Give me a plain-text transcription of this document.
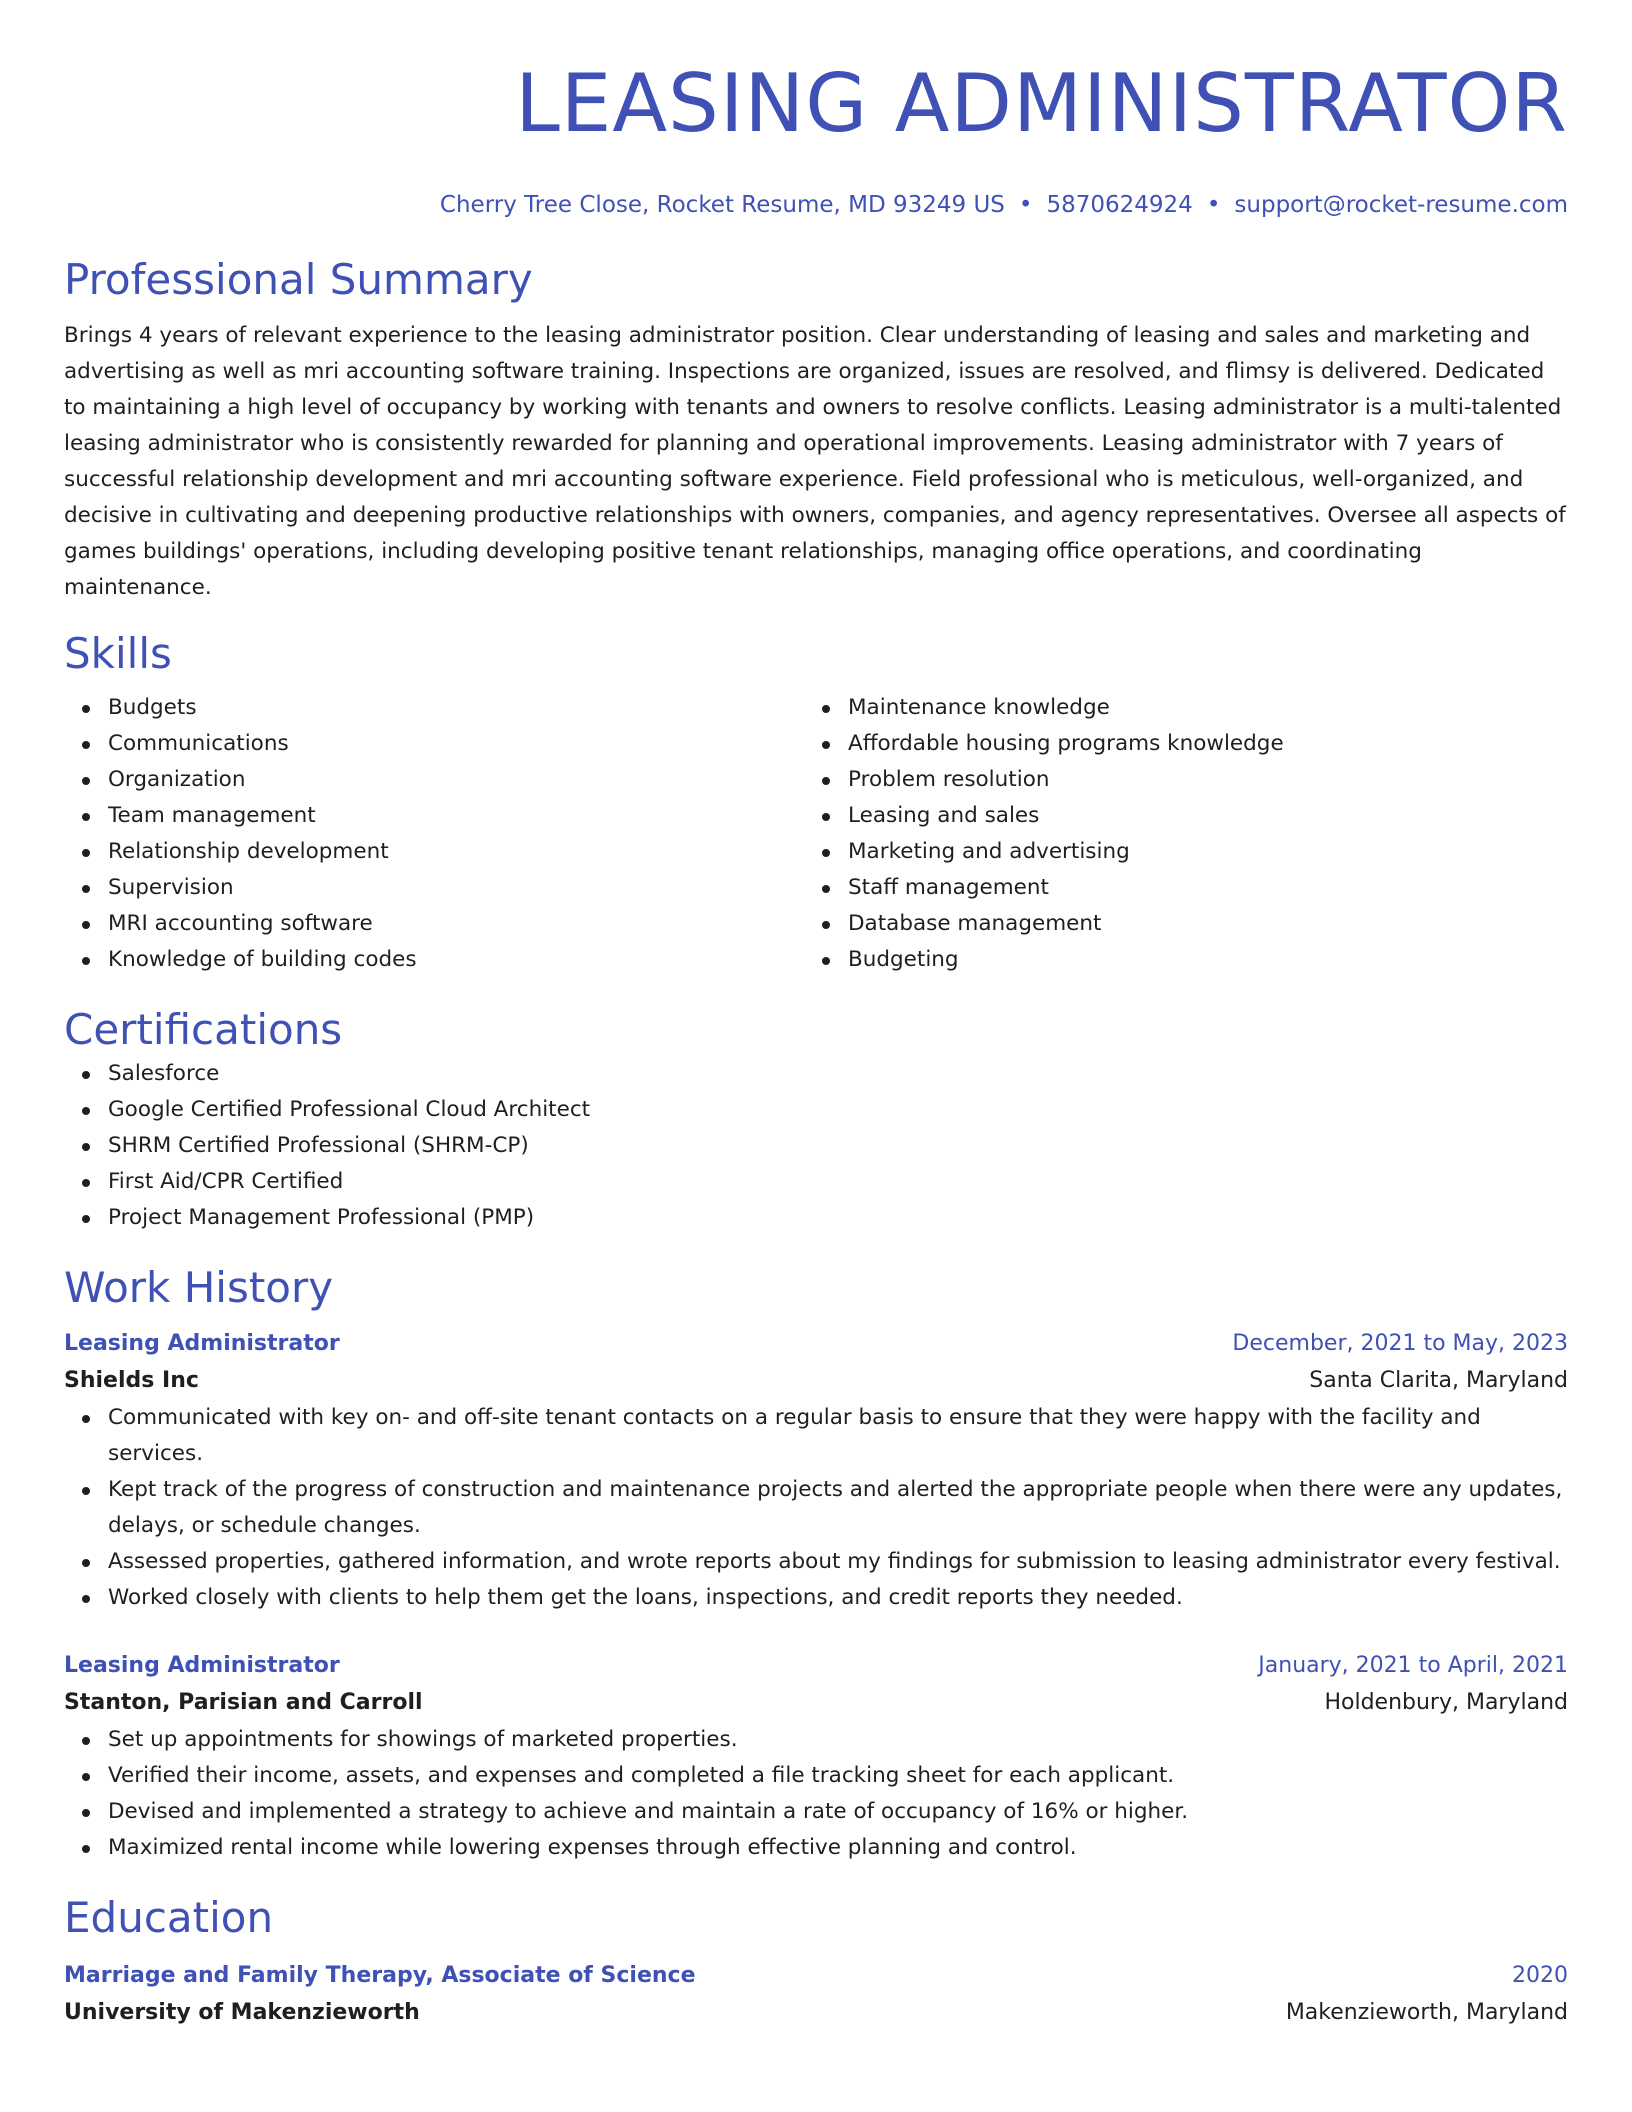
LEASING ADMINISTRATOR
Cherry Tree Close, Rocket Resume, MD 93249 US • 5870624924 • support@rocket-resume.com
Professional Summary
Brings 4 years of relevant experience to the leasing administrator position. Clear understanding of leasing and sales and marketing and advertising as well as mri accounting software training. Inspections are organized, issues are resolved, and flimsy is delivered. Dedicated to maintaining a high level of occupancy by working with tenants and owners to resolve conflicts. Leasing administrator is a multi-talented leasing administrator who is consistently rewarded for planning and operational improvements. Leasing administrator with 7 years of successful relationship development and mri accounting software experience. Field professional who is meticulous, well-organized, and decisive in cultivating and deepening productive relationships with owners, companies, and agency representatives. Oversee all aspects of games buildings' operations, including developing positive tenant relationships, managing office operations, and coordinating maintenance.
Skills
Budgets
Communications
Organization
Team management
Relationship development
Supervision
MRI accounting software
Knowledge of building codes
Maintenance knowledge
Affordable housing programs knowledge
Problem resolution
Leasing and sales
Marketing and advertising
Staff management
Database management
Budgeting
Certifications
Salesforce
Google Certified Professional Cloud Architect
SHRM Certified Professional (SHRM-CP)
First Aid/CPR Certified
Project Management Professional (PMP)
Work History
Leasing Administrator	December, 2021 to May, 2023
Shields Inc	Santa Clarita, Maryland
Communicated with key on- and off-site tenant contacts on a regular basis to ensure that they were happy with the facility and services.
Kept track of the progress of construction and maintenance projects and alerted the appropriate people when there were any updates, delays, or schedule changes.
Assessed properties, gathered information, and wrote reports about my findings for submission to leasing administrator every festival.
Worked closely with clients to help them get the loans, inspections, and credit reports they needed.
Leasing Administrator	January, 2021 to April, 2021
Stanton, Parisian and Carroll	Holdenbury, Maryland
Set up appointments for showings of marketed properties.
Verified their income, assets, and expenses and completed a file tracking sheet for each applicant.
Devised and implemented a strategy to achieve and maintain a rate of occupancy of 16% or higher.
Maximized rental income while lowering expenses through effective planning and control.
Education
Marriage and Family Therapy, Associate of Science	2020
University of Makenzieworth	Makenzieworth, Maryland
